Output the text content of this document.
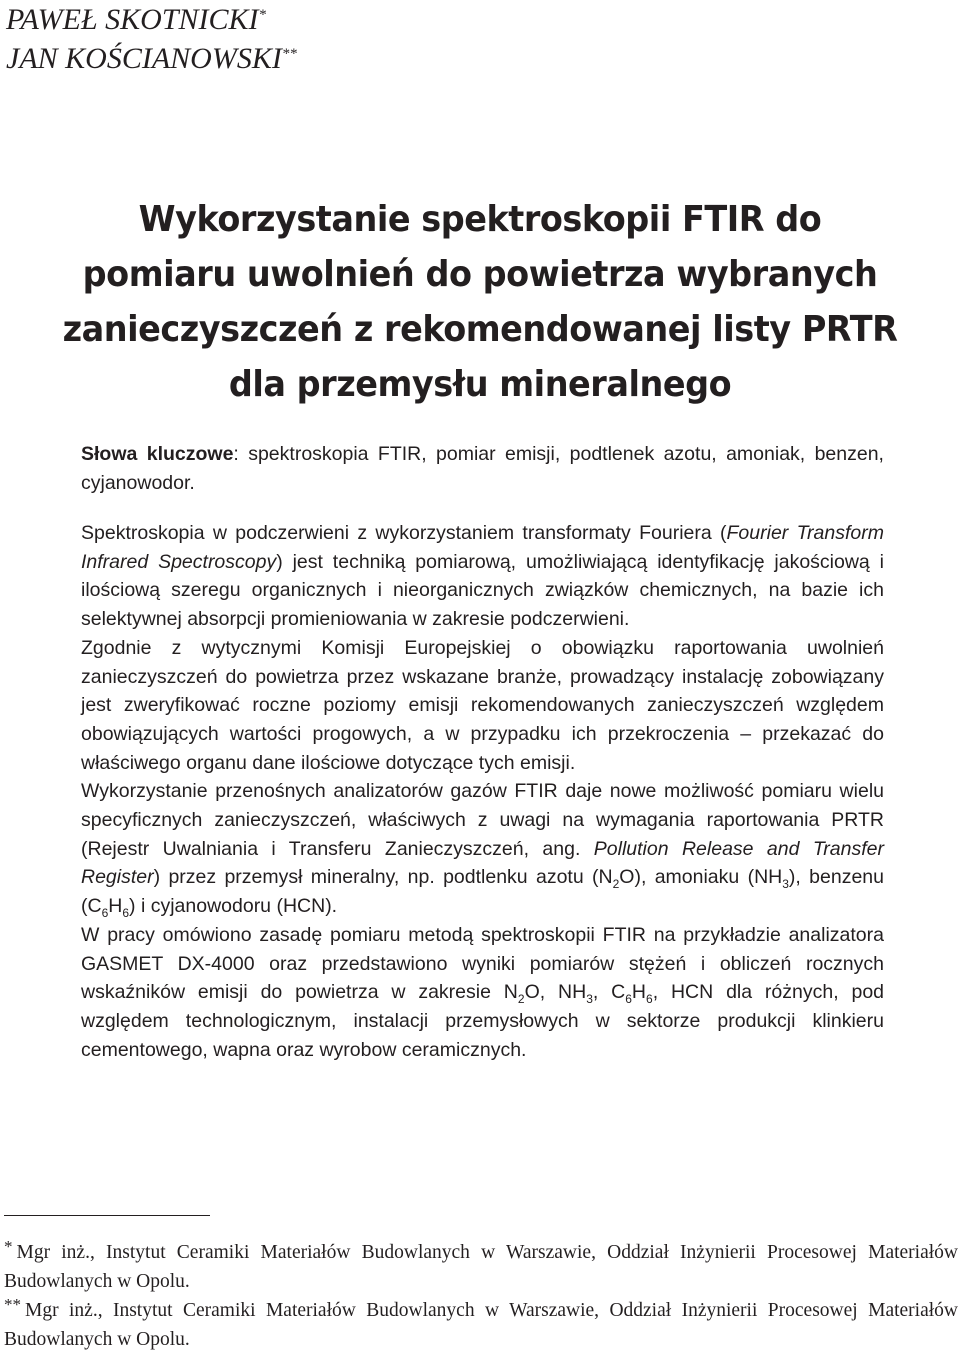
PAWEŁ SKOTNICKI*
JAN KOŚCIANOWSKI**
Wykorzystanie spektroskopii FTIR do
pomiaru uwolnień do powietrza wybranych
zanieczyszczeń z rekomendowanej listy PRTR
dla przemysłu mineralnego
Słowa kluczowe: spektroskopia FTIR, pomiar emisji, podtlenek azotu, amoniak, benzen, cyjanowodor.

Spektroskopia w podczerwieni z wykorzystaniem transformaty Fouriera (Fourier Transform Infrared Spectroscopy) jest techniką pomiarową, umożliwiającą identyfikację jakościową i ilościową szeregu organicznych i nieorganicznych związków chemicznych, na bazie ich selektywnej absorpcji promieniowania w zakresie podczerwieni.

Zgodnie z wytycznymi Komisji Europejskiej o obowiązku raportowania uwolnień zanieczyszczeń do powietrza przez wskazane branże, prowadzący instalację zobowiązany jest zweryfikować roczne poziomy emisji rekomendowanych zanieczyszczeń względem obowiązujących wartości progowych, a w przypadku ich przekroczenia – przekazać do właściwego organu dane ilościowe dotyczące tych emisji.

Wykorzystanie przenośnych analizatorów gazów FTIR daje nowe możliwość pomiaru wielu specyficznych zanieczyszczeń, właściwych z uwagi na wymagania raportowania PRTR (Rejestr Uwalniania i Transferu Zanieczyszczeń, ang. Pollution Release and Transfer Register) przez przemysł mineralny, np. podtlenku azotu $(N_2O)$, amoniaku $(NH_3)$, benzenu $(C_6H_6)$ i cyjanowodoru (HCN).

W pracy omówiono zasadę pomiaru metodą spektroskopii FTIR na przykładzie analizatora GASMET DX-4000 oraz przedstawiono wyniki pomiarów stężeń i obliczeń rocznych wskaźników emisji do powietrza w zakresie $N_2O$, $NH_3$, $C_6H_6$, HCN dla różnych, pod względem technologicznym, instalacji przemysłowych w sektorze produkcji klinkieru cementowego, wapna oraz wyrobow ceramicznych.

* Mgr inż., Instytut Ceramiki Materiałów Budowlanych w Warszawie, Oddział Inżynierii Procesowej Materiałów Budowlanych w Opolu.

** Mgr inż., Instytut Ceramiki Materiałów Budowlanych w Warszawie, Oddział Inżynierii Procesowej Materiałów Budowlanych w Opolu.
